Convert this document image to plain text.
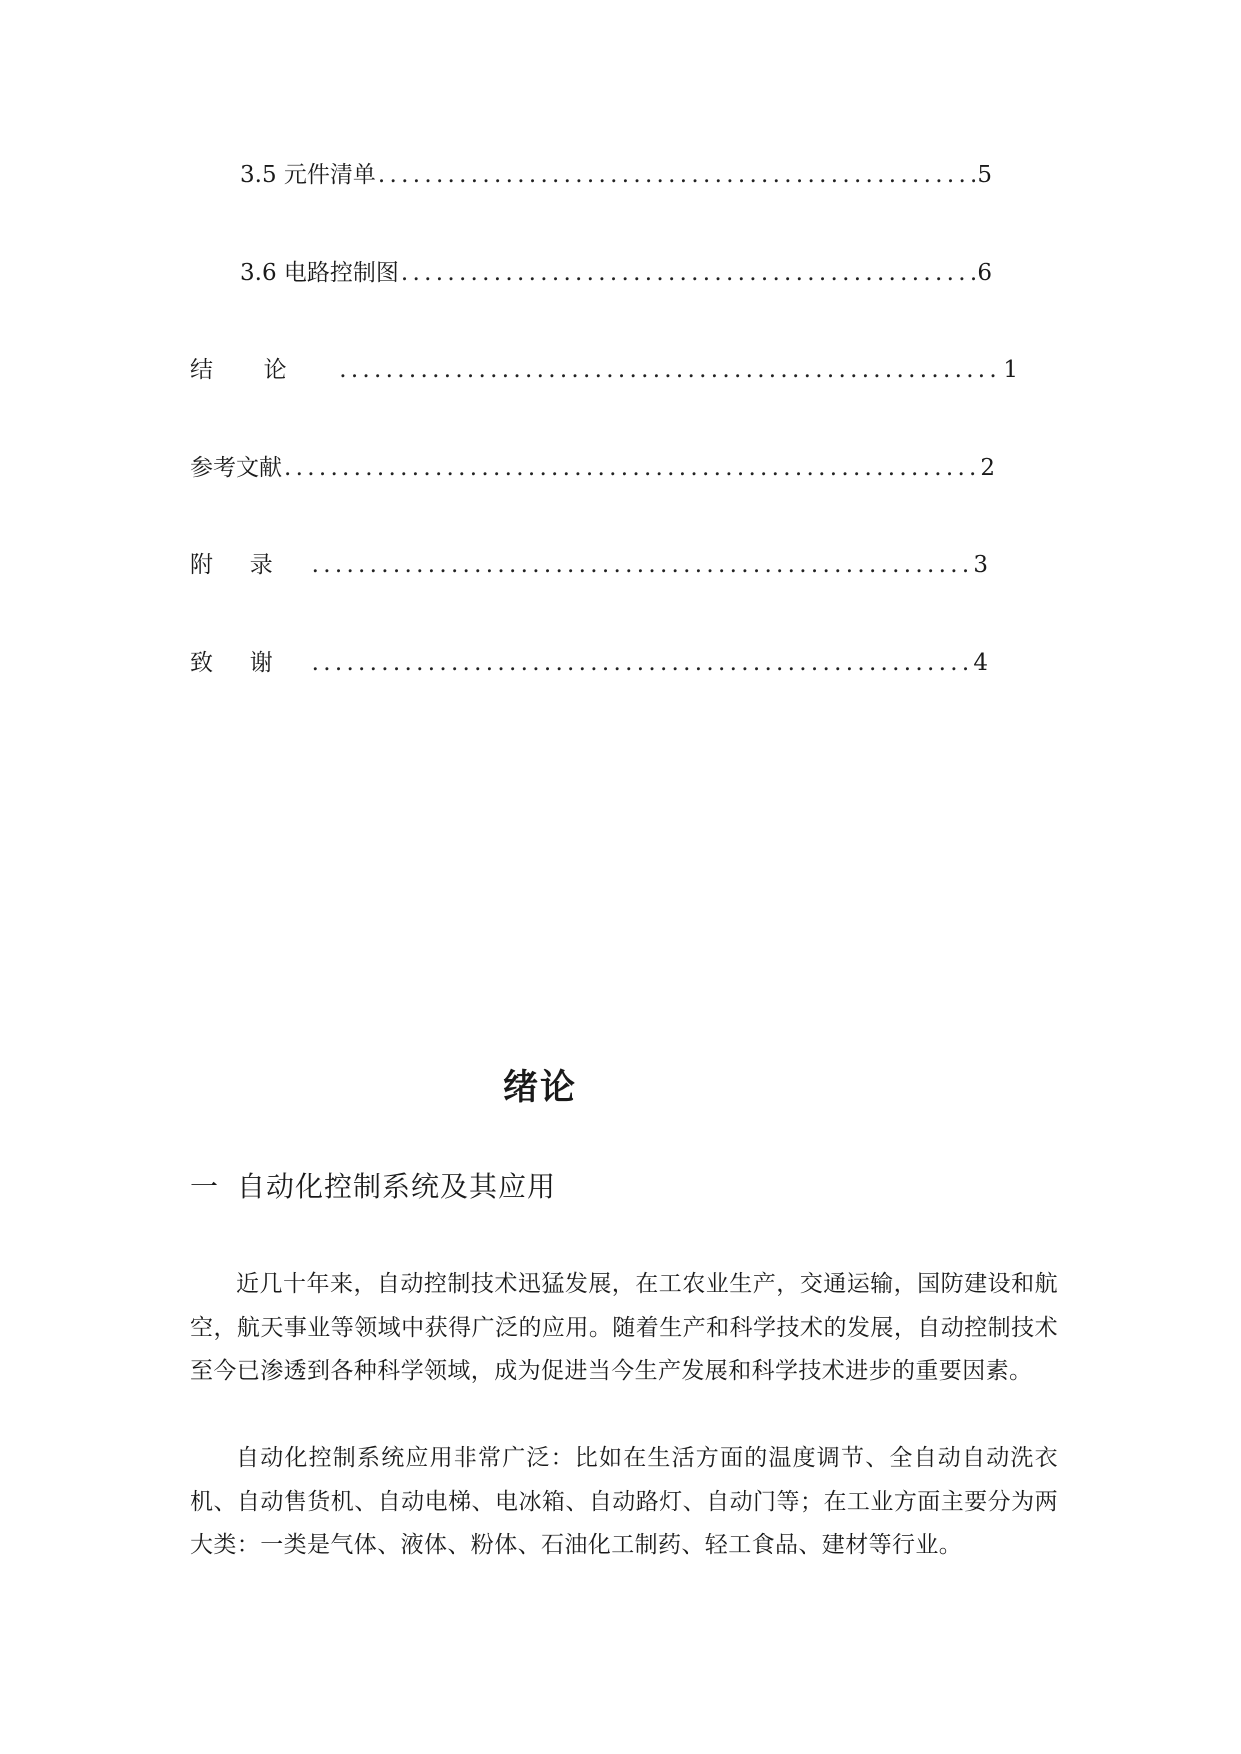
3.5 元件清单 .....	5
3.6 电路控制图 .....	6
结论 .....	1
参考文献 .....	2
附录 .....	3
致谢 .....	4
绪论
一 自动化控制系统及其应用

近几十年来，自动控制技术迅猛发展，在工农业生产，交通运输，国防建设和航空，航天事业等领域中获得广泛的应用。随着生产和科学技术的发展，自动控制技术至今已渗透到各种科学领域，成为促进当今生产发展和科学技术进步的重要因素。

自动化控制系统应用非常广泛：比如在生活方面的温度调节、全自动自动洗衣机、自动售货机、自动电梯、电冰箱、自动路灯、自动门等；在工业方面主要分为两大类：一类是气体、液体、粉体、石油化工制药、轻工食品、建材等行业。
